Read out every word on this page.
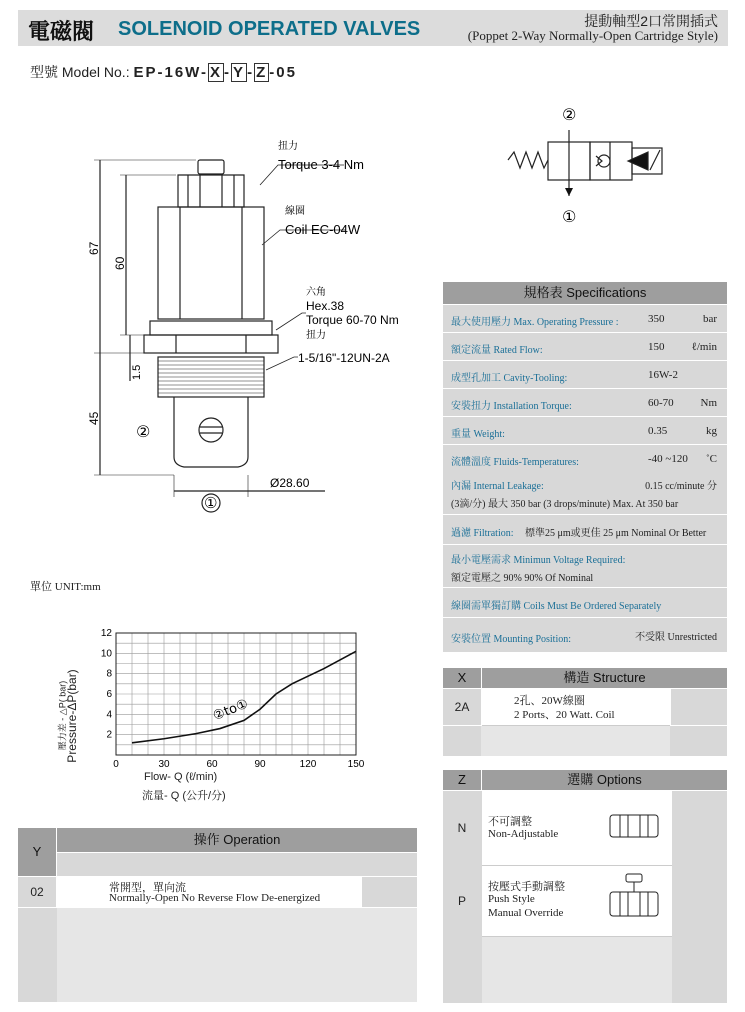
電磁閥 SOLENOID OPERATED VALVES	提動軸型2口常開插式
(Poppet 2-Way Normally-Open Cartridge Style)
型號 Model No.: EP-16W- X - Y - Z -05
67
60
1.5
45
②
①
Ø28.60
扭力
Torque 3-4 Nm
線圈
Coil EC-04W
六角
Hex.38
Torque 60-70 Nm
扭力
1-5/16"-12UN-2A
單位 UNIT:mm
②
①
0	30	60	90	120	150
2
4
6
8
10
12
②to①
Flow- Q (ℓ/min)
流量- Q (公升/分)
壓力差 - △P( bar)
Pressure-ΔP(bar)
規格表 Specifications
最大使用壓力 Max. Operating Pressure :	350	bar
額定流量 Rated Flow:	150 ℓ/min
成型孔加工 Cavity-Tooling:	16W-2
安裝扭力 Installation Torque:	60-70 Nm
重量 Weight:	0.35	kg
流體溫度 Fluids-Temperatures:	-40 ~120 ˚C
內漏 Internal Leakage:	0.15 cc/minute 分
(3滴/分) 最大 350 bar (3 drops/minute) Max. At 350 bar
過濾 Filtration: 標準25 μm或更佳 25 μm Nominal Or Better
最小電壓需求 Minimun Voltage Required:
額定電壓之 90% 90% Of Nominal
線圈需單獨訂購 Coils Must Be Ordered Separately
安裝位置 Mounting Position:	不受限 Unrestricted
X	構造 Structure
2A	2孔、20W線圈
2 Ports、20 Watt. Coil
Z	選購 Options
不可調整
Non-Adjustable
N
按壓式手動調整
Push Style
Manual Override
P
Y
操作 Operation
02	常開型，單向流
Normally-Open No Reverse Flow De-energized
